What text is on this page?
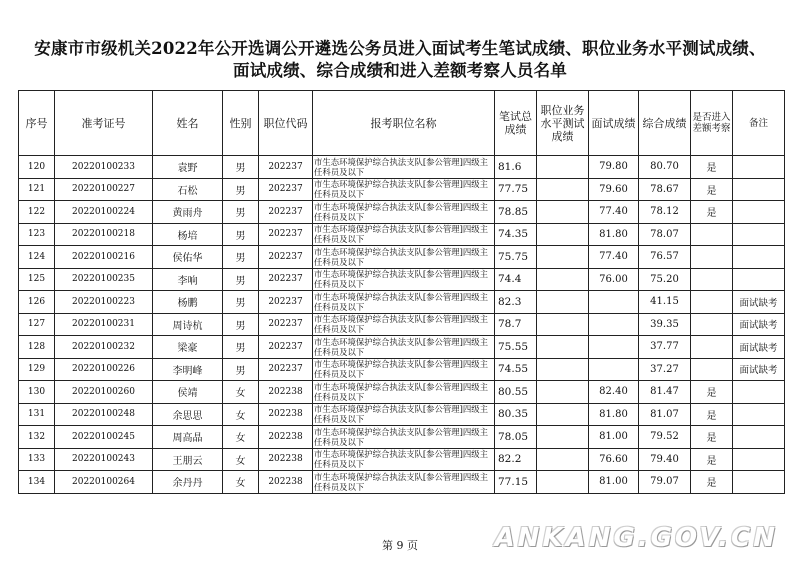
安康市市级机关2022年公开选调公开遴选公务员进入面试考生笔试成绩、职位业务水平测试成绩、
面试成绩、综合成绩和进入差额考察人员名单
序号	准考证号	姓名	性别	职位代码	报考职位名称	笔试总成绩	职位业务水平测试成绩	面试成绩	综合成绩	是否进入差额考察	备注
120	20220100233	袁野	男	202237	市生态环境保护综合执法支队[参公管理]四级主任科员及以下	81.6		79.80	80.70	是	
121	20220100227	石松	男	202237	市生态环境保护综合执法支队[参公管理]四级主任科员及以下	77.75		79.60	78.67	是	
122	20220100224	黄雨舟	男	202237	市生态环境保护综合执法支队[参公管理]四级主任科员及以下	78.85		77.40	78.12	是	
123	20220100218	杨培	男	202237	市生态环境保护综合执法支队[参公管理]四级主任科员及以下	74.35		81.80	78.07		
124	20220100216	侯佑华	男	202237	市生态环境保护综合执法支队[参公管理]四级主任科员及以下	75.75		77.40	76.57		
125	20220100235	李响	男	202237	市生态环境保护综合执法支队[参公管理]四级主任科员及以下	74.4		76.00	75.20		
126	20220100223	杨鹏	男	202237	市生态环境保护综合执法支队[参公管理]四级主任科员及以下	82.3			41.15		面试缺考
127	20220100231	周诗杭	男	202237	市生态环境保护综合执法支队[参公管理]四级主任科员及以下	78.7			39.35		面试缺考
128	20220100232	梁豪	男	202237	市生态环境保护综合执法支队[参公管理]四级主任科员及以下	75.55			37.77		面试缺考
129	20220100226	李明峰	男	202237	市生态环境保护综合执法支队[参公管理]四级主任科员及以下	74.55			37.27		面试缺考
130	20220100260	侯靖	女	202238	市生态环境保护综合执法支队[参公管理]四级主任科员及以下	80.55		82.40	81.47	是	
131	20220100248	余思思	女	202238	市生态环境保护综合执法支队[参公管理]四级主任科员及以下	80.35		81.80	81.07	是	
132	20220100245	周高晶	女	202238	市生态环境保护综合执法支队[参公管理]四级主任科员及以下	78.05		81.00	79.52	是	
133	20220100243	王朋云	女	202238	市生态环境保护综合执法支队[参公管理]四级主任科员及以下	82.2		76.60	79.40	是	
134	20220100264	余丹丹	女	202238	市生态环境保护综合执法支队[参公管理]四级主任科员及以下	77.15		81.00	79.07	是	
第 9 页	ANKANG.GOV.CN
